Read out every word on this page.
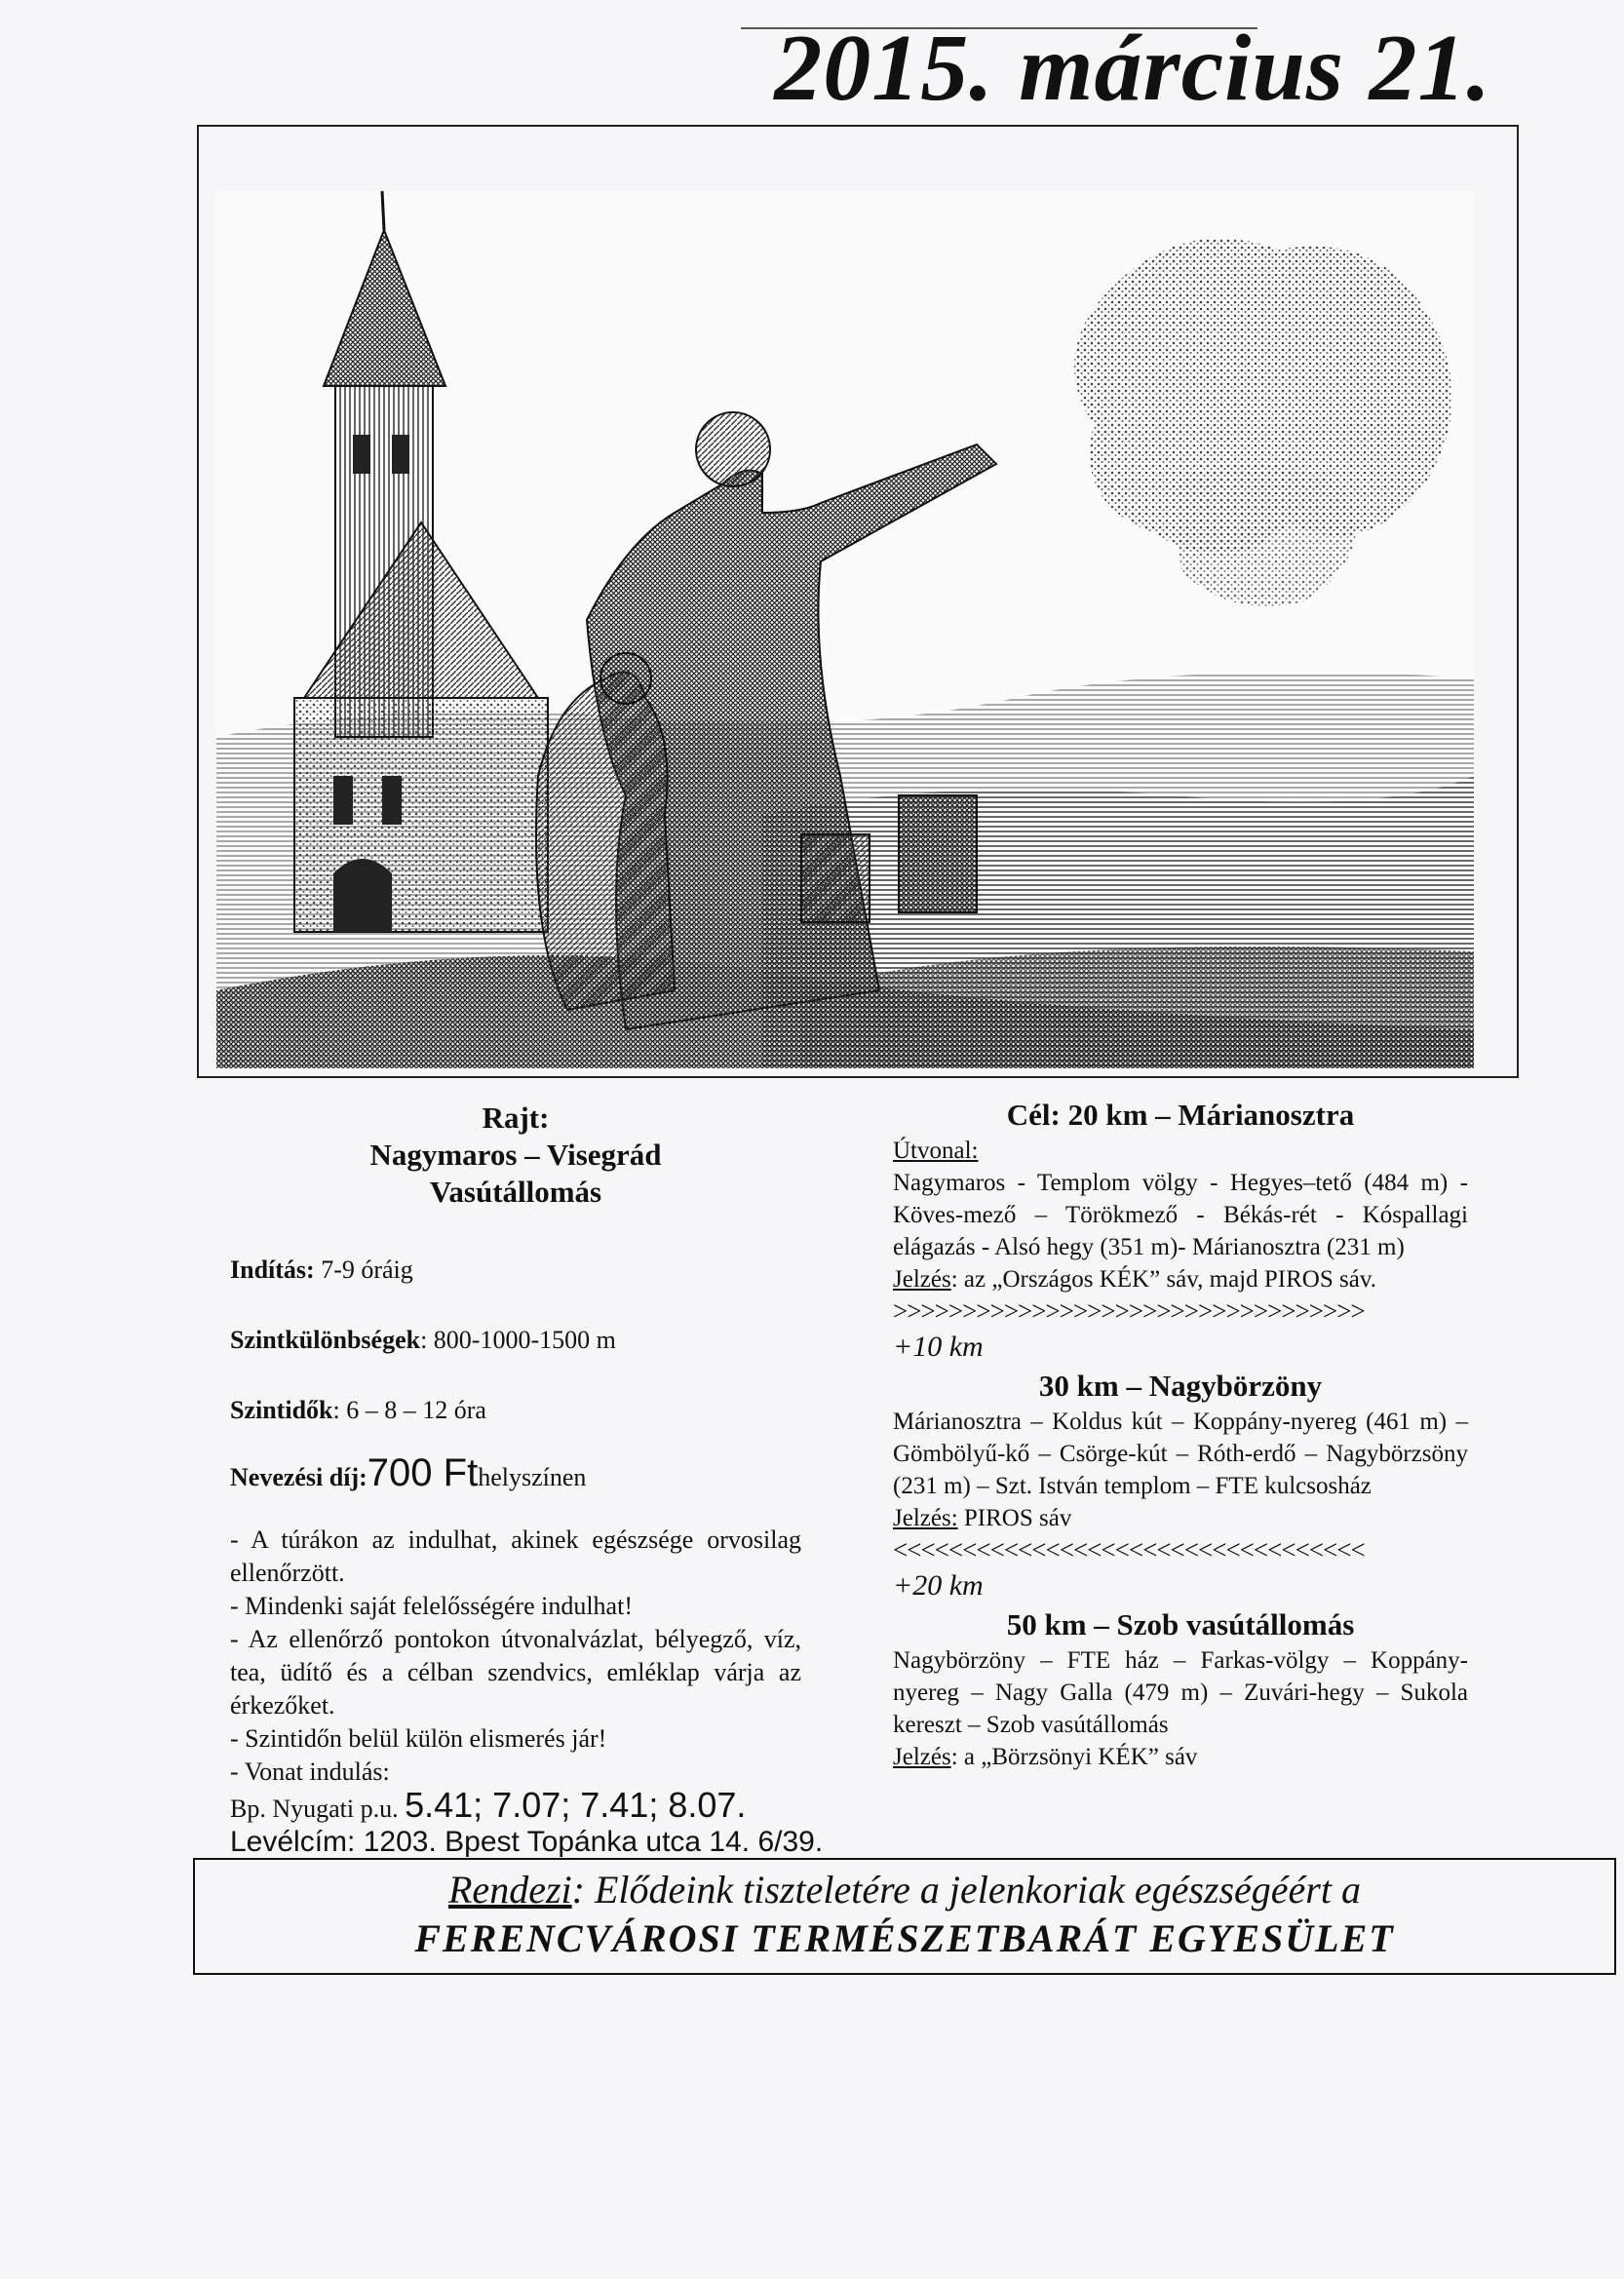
2015. március 21.
Rajt:
Nagymaros – Visegrád
Vasútállomás
Indítás: 7-9 óráig
Szintkülönbségek: 800-1000-1500 m
Szintidők: 6 – 8 – 12 óra
Nevezési díj:700 Fthelyszínen
- A túrákon az indulhat, akinek egészsége orvosilag ellenőrzött.
- Mindenki saját felelősségére indulhat!
- Az ellenőrző pontokon útvonalvázlat, bélyegző, víz, tea, üdítő és a célban szendvics, emléklap várja az érkezőket.
- Szintidőn belül külön elismerés jár!
- Vonat indulás:
Bp. Nyugati p.u. 5.41; 7.07; 7.41; 8.07.
Levélcím: 1203. Bpest Topánka utca 14. 6/39.
Cél: 20 km – Márianosztra
Útvonal:
Nagymaros - Templom völgy - Hegyes–tető (484 m) - Köves-mező – Törökmező - Békás-rét - Kóspallagi elágazás - Alsó hegy (351 m)- Márianosztra (231 m)
Jelzés: az „Országos KÉK” sáv, majd PIROS sáv.
>>>>>>>>>>>>>>>>>>>>>>>>>>>>>>>>>>
+10 km
30 km – Nagybörzöny
Márianosztra – Koldus kút – Koppány-nyereg (461 m) – Gömbölyű-kő – Csörge-kút – Róth-erdő – Nagybörzsöny (231 m) – Szt. István templom – FTE kulcsosház
Jelzés: PIROS sáv
<<<<<<<<<<<<<<<<<<<<<<<<<<<<<<<<<<
+20 km
50 km – Szob vasútállomás
Nagybörzöny – FTE ház – Farkas-völgy – Koppány-nyereg – Nagy Galla (479 m) – Zuvári-hegy – Sukola kereszt – Szob vasútállomás
Jelzés: a „Börzsönyi KÉK” sáv
Rendezi: Elődeink tiszteletére a jelenkoriak egészségéért a
FERENCVÁROSI TERMÉSZETBARÁT EGYESÜLET
